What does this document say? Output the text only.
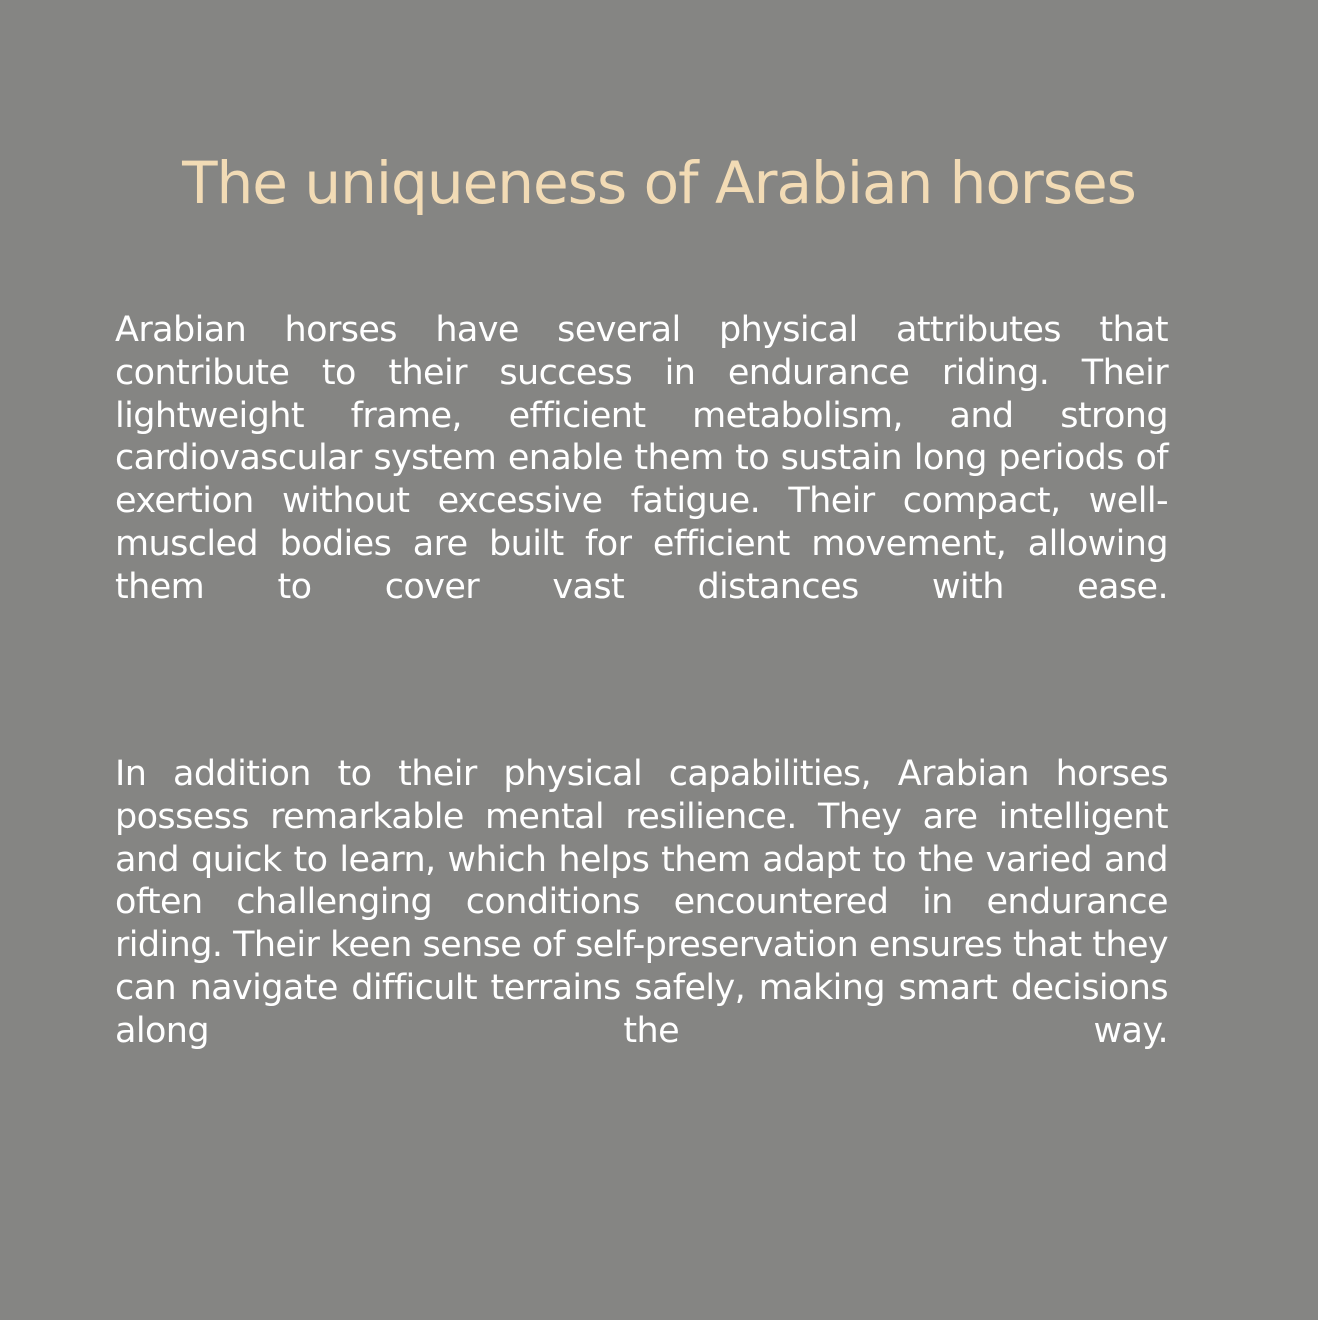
The uniqueness of Arabian horses

Arabian horses have several physical attributes that contribute to their success in endurance riding. Their lightweight frame, efficient metabolism, and strong cardiovascular system enable them to sustain long periods of exertion without excessive fatigue. Their compact, well-muscled bodies are built for efficient movement, allowing them to cover vast distances with ease.

In addition to their physical capabilities, Arabian horses possess remarkable mental resilience. They are intelligent and quick to learn, which helps them adapt to the varied and often challenging conditions encountered in endurance riding. Their keen sense of self-preservation ensures that they can navigate difficult terrains safely, making smart decisions along the way.
